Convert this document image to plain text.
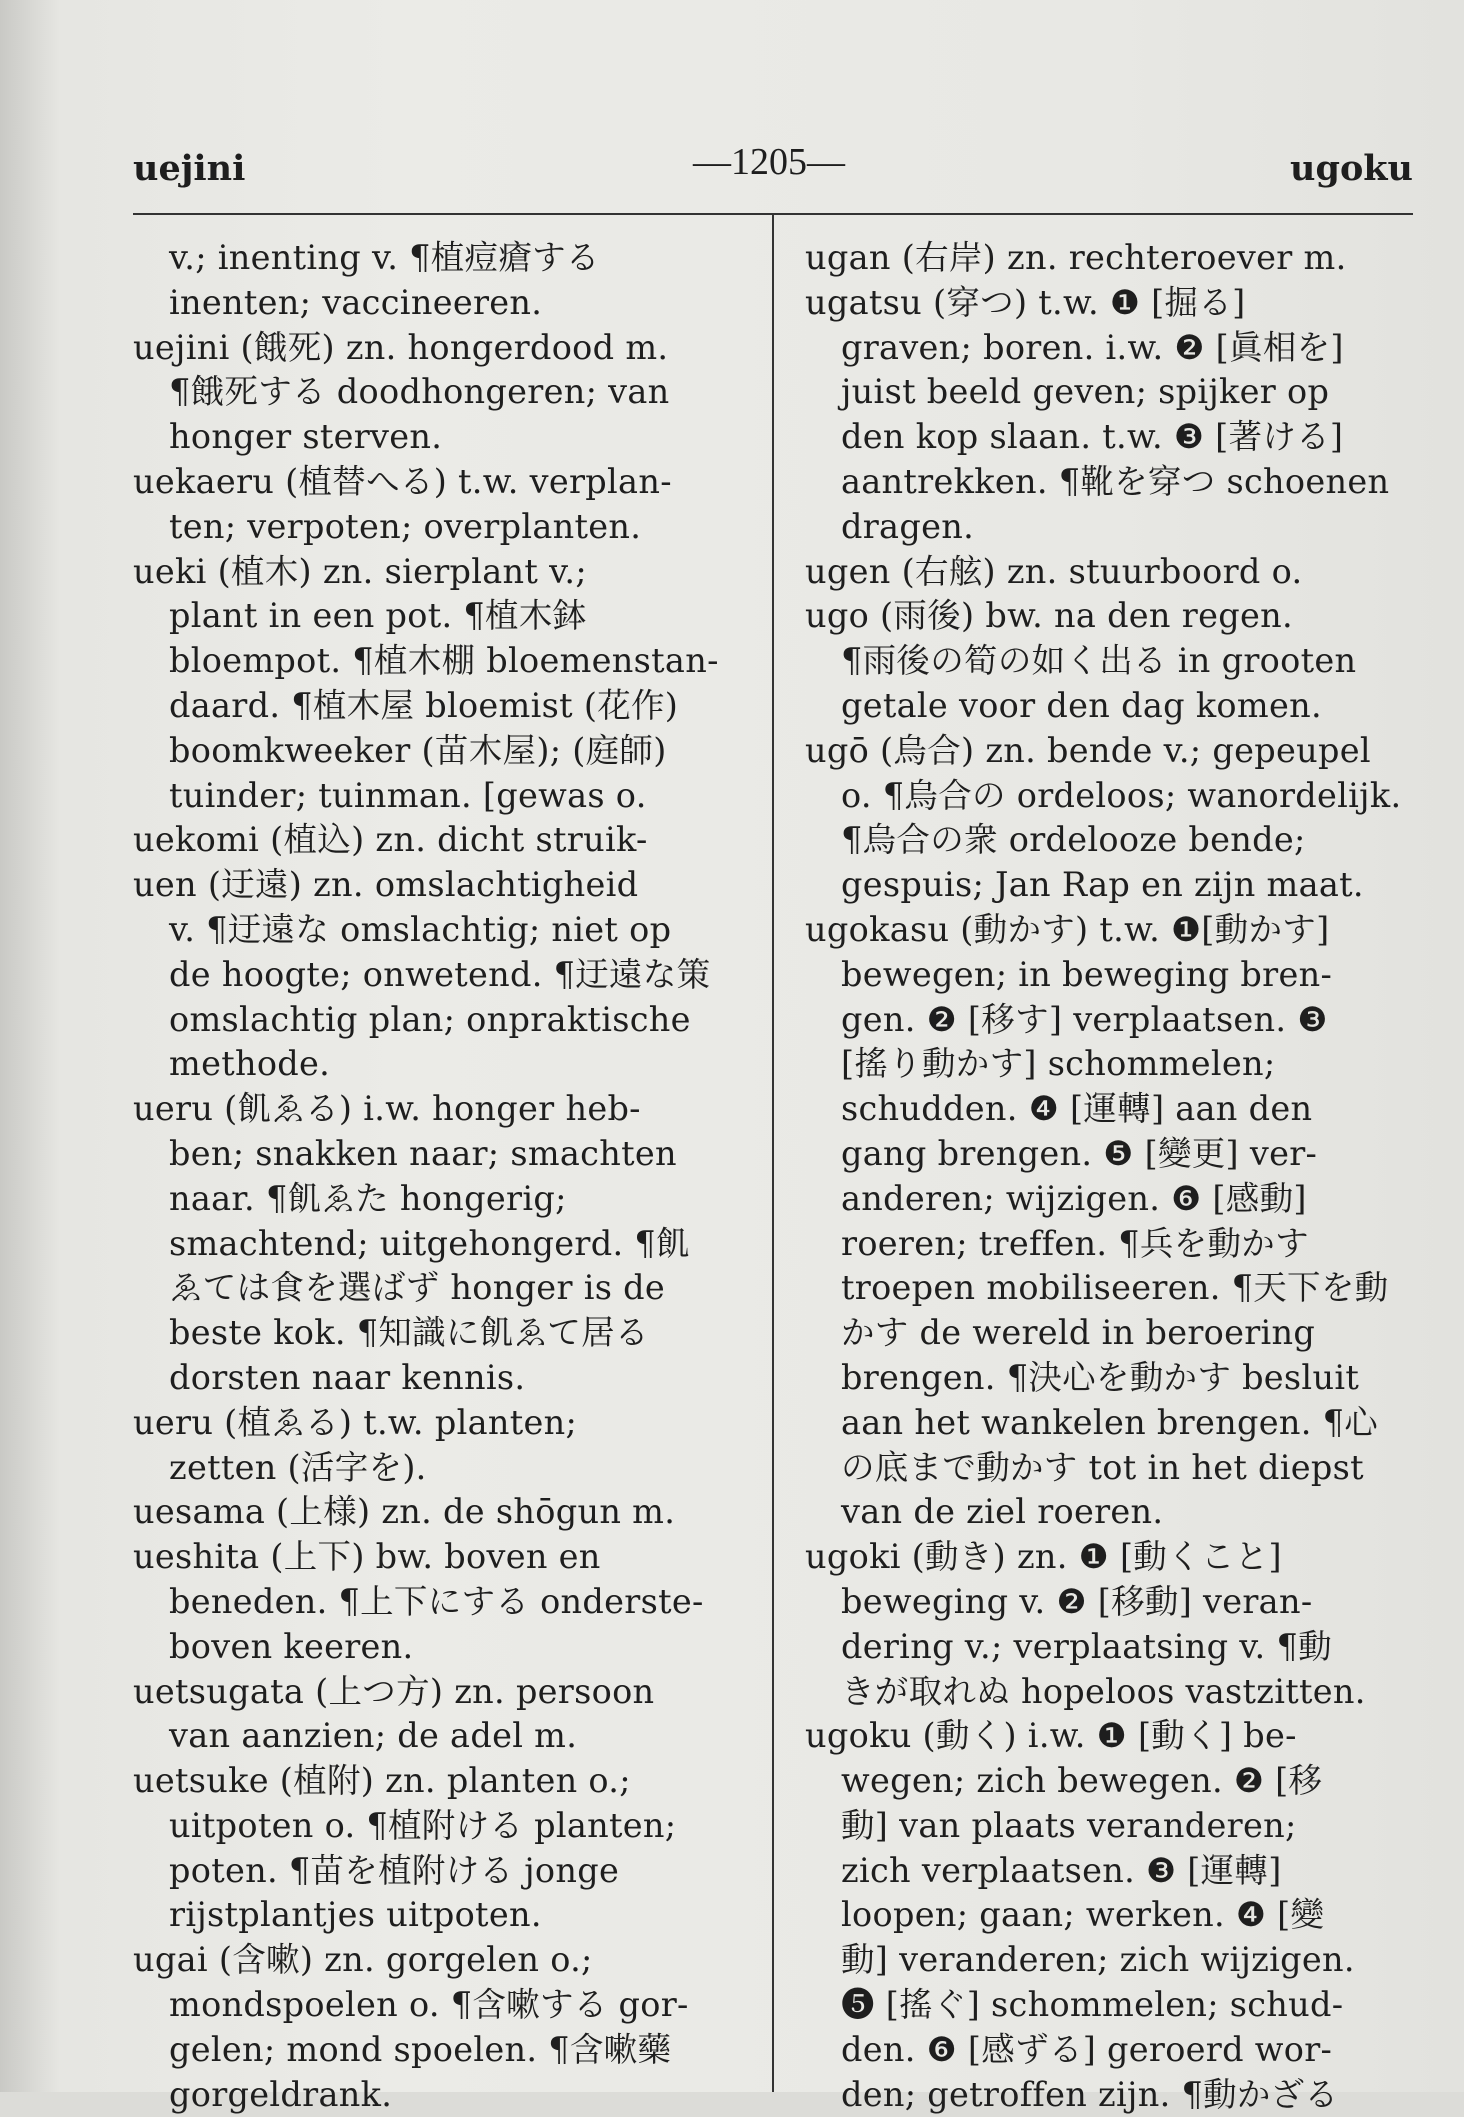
uejini	—1205—	ugoku
v.; inenting v. ¶植痘瘡する
inenten; vaccineeren.
uejini (餓死) zn. hongerdood m.
¶餓死する doodhongeren; van
honger sterven.
uekaeru (植替へる) t.w. verplan-
ten; verpoten; overplanten.
ueki (植木) zn. sierplant v.;
plant in een pot. ¶植木鉢
bloempot. ¶植木棚 bloemenstan-
daard. ¶植木屋 bloemist (花作)
boomkweeker (苗木屋); (庭師)
tuinder; tuinman. [gewas o.
uekomi (植込) zn. dicht struik-
uen (迂遠) zn. omslachtigheid
v. ¶迂遠な omslachtig; niet op
de hoogte; onwetend. ¶迂遠な策
omslachtig plan; onpraktische
methode.
ueru (飢ゑる) i.w. honger heb-
ben; snakken naar; smachten
naar. ¶飢ゑた hongerig;
smachtend; uitgehongerd. ¶飢
ゑては食を選ばず honger is de
beste kok. ¶知識に飢ゑて居る
dorsten naar kennis.
ueru (植ゑる) t.w. planten;
zetten (活字を).
uesama (上様) zn. de shōgun m.
ueshita (上下) bw. boven en
beneden. ¶上下にする onderste-
boven keeren.
uetsugata (上つ方) zn. persoon
van aanzien; de adel m.
uetsuke (植附) zn. planten o.;
uitpoten o. ¶植附ける planten;
poten. ¶苗を植附ける jonge
rijstplantjes uitpoten.
ugai (含嗽) zn. gorgelen o.;
mondspoelen o. ¶含嗽する gor-
gelen; mond spoelen. ¶含嗽藥
gorgeldrank.
ugan (右岸) zn. rechteroever m.
ugatsu (穿つ) t.w. ❶ [掘る]
graven; boren. i.w. ❷ [眞相を]
juist beeld geven; spijker op
den kop slaan. t.w. ❸ [著ける]
aantrekken. ¶靴を穿つ schoenen
dragen.
ugen (右舷) zn. stuurboord o.
ugo (雨後) bw. na den regen.
¶雨後の筍の如く出る in grooten
getale voor den dag komen.
ugō (烏合) zn. bende v.; gepeupel
o. ¶烏合の ordeloos; wanordelijk.
¶烏合の衆 ordelooze bende;
gespuis; Jan Rap en zijn maat.
ugokasu (動かす) t.w. ❶[動かす]
bewegen; in beweging bren-
gen. ❷ [移す] verplaatsen. ❸
[搖り動かす] schommelen;
schudden. ❹ [運轉] aan den
gang brengen. ❺ [變更] ver-
anderen; wijzigen. ❻ [感動]
roeren; treffen. ¶兵を動かす
troepen mobiliseeren. ¶天下を動
かす de wereld in beroering
brengen. ¶決心を動かす besluit
aan het wankelen brengen. ¶心
の底まで動かす tot in het diepst
van de ziel roeren.
ugoki (動き) zn. ❶ [動くこと]
beweging v. ❷ [移動] veran-
dering v.; verplaatsing v. ¶動
きが取れぬ hopeloos vastzitten.
ugoku (動く) i.w. ❶ [動く] be-
wegen; zich bewegen. ❷ [移
動] van plaats veranderen;
zich verplaatsen. ❸ [運轉]
loopen; gaan; werken. ❹ [變
動] veranderen; zich wijzigen.
❺ [搖ぐ] schommelen; schud-
den. ❻ [感ずる] geroerd wor-
den; getroffen zijn. ¶動かざる
